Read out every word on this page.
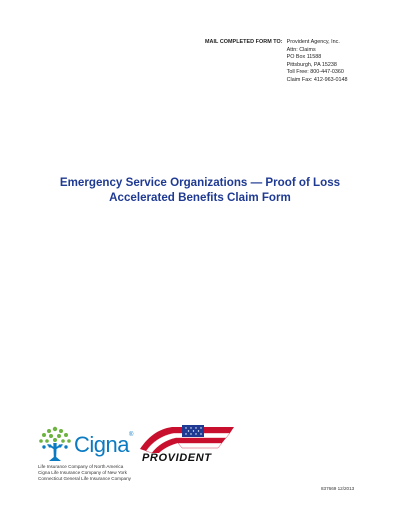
MAIL COMPLETED FORM TO: Provident Agency, Inc.
Attn: Claims
PO Box 11588
Pittsburgh, PA 15238
Toll Free: 800-447-0360
Claim Fax: 412-963-0148
Emergency Service Organizations — Proof of Loss
Accelerated Benefits Claim Form
Cigna®
PROVIDENT
Life Insurance Company of North America
Cigna Life Insurance Company of New York
Connecticut General Life Insurance Company
837669 12/2013
